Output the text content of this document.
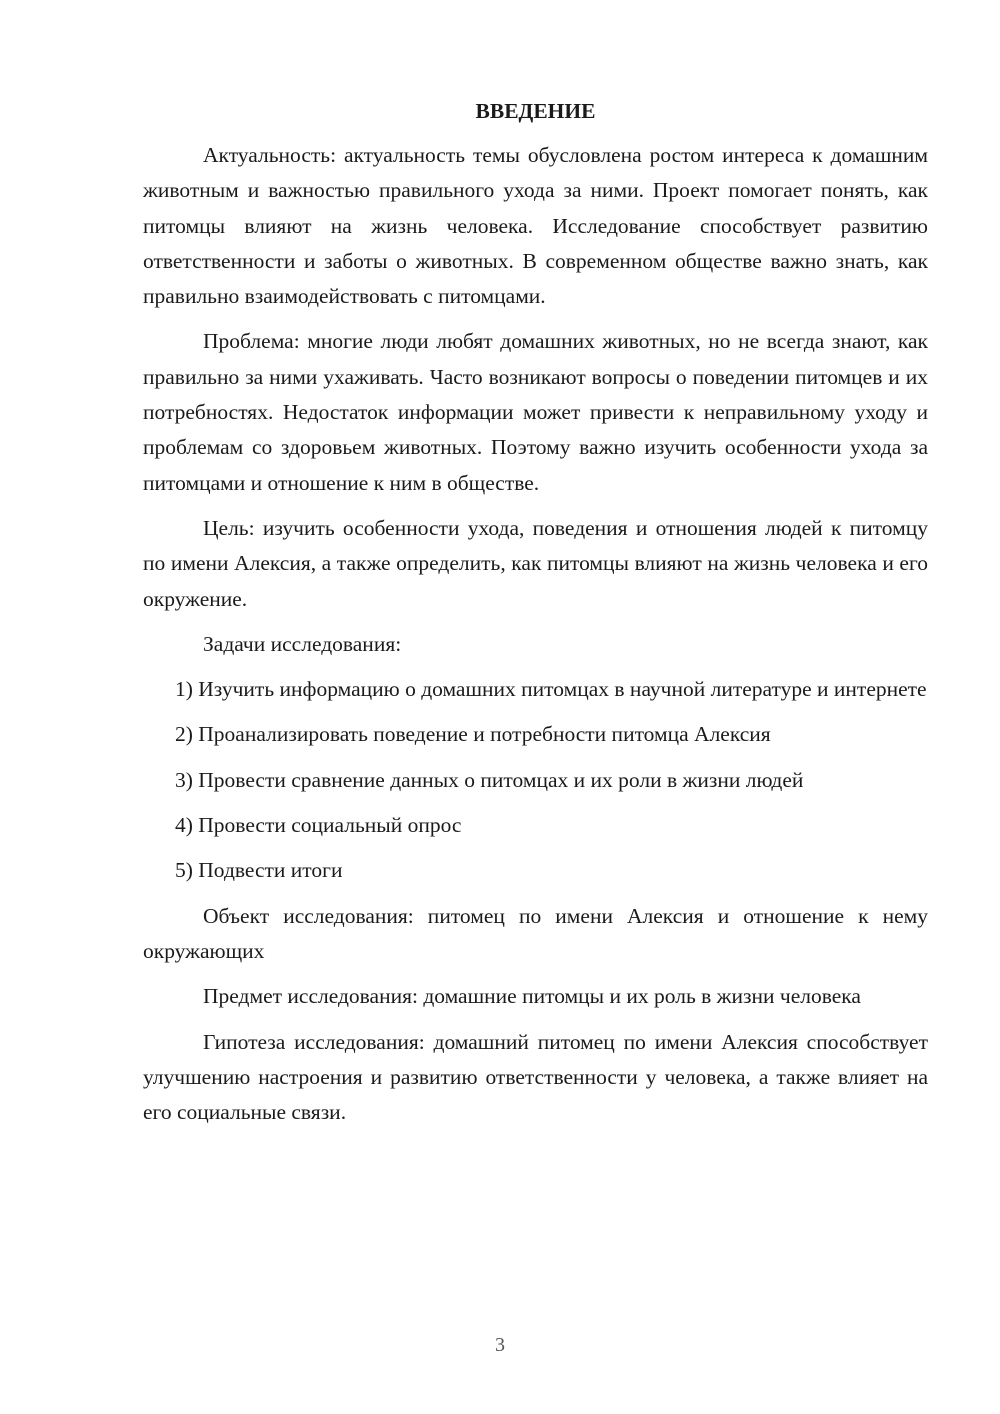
ВВЕДЕНИЕ

Актуальность: актуальность темы обусловлена ростом интереса к домашним животным и важностью правильного ухода за ними. Проект помогает понять, как питомцы влияют на жизнь человека. Исследование способствует развитию ответственности и заботы о животных. В современном обществе важно знать, как правильно взаимодействовать с питомцами.

Проблема: многие люди любят домашних животных, но не всегда знают, как правильно за ними ухаживать. Часто возникают вопросы о поведении питомцев и их потребностях. Недостаток информации может привести к неправильному уходу и проблемам со здоровьем животных. Поэтому важно изучить особенности ухода за питомцами и отношение к ним в обществе.

Цель: изучить особенности ухода, поведения и отношения людей к питомцу по имени Алексия, а также определить, как питомцы влияют на жизнь человека и его окружение.

Задачи исследования:

1) Изучить информацию о домашних питомцах в научной литературе и интернете

2) Проанализировать поведение и потребности питомца Алексия

3) Провести сравнение данных о питомцах и их роли в жизни людей

4) Провести социальный опрос

5) Подвести итоги

Объект исследования: питомец по имени Алексия и отношение к нему окружающих

Предмет исследования: домашние питомцы и их роль в жизни человека

Гипотеза исследования: домашний питомец по имени Алексия способствует улучшению настроения и развитию ответственности у человека, а также влияет на его социальные связи.

3
